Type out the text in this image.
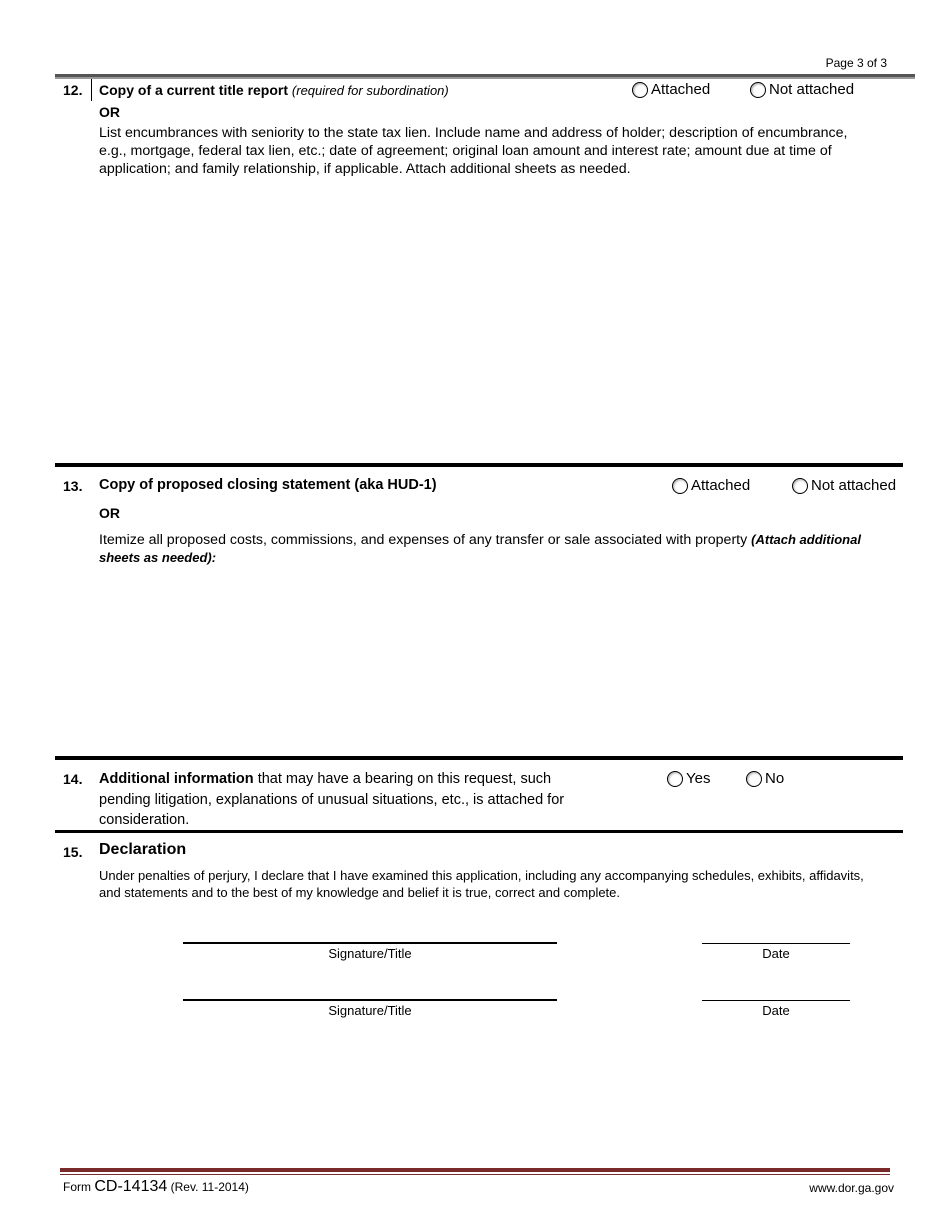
Page 3 of 3
12. Copy of a current title report (required for subordination)	Attached	Not attached
OR
List encumbrances with seniority to the state tax lien. Include name and address of holder; description of encumbrance, e.g., mortgage, federal tax lien, etc.; date of agreement; original loan amount and interest rate; amount due at time of application; and family relationship, if applicable. Attach additional sheets as needed.
13. Copy of proposed closing statement (aka HUD-1)	Attached	Not attached
OR
Itemize all proposed costs, commissions, and expenses of any transfer or sale associated with property (Attach additional sheets as needed):
14. Additional information that may have a bearing on this request, such pending litigation, explanations of unusual situations, etc., is attached for consideration.
Yes	No
15. Declaration
Under penalties of perjury, I declare that I have examined this application, including any accompanying schedules, exhibits, affidavits, and statements and to the best of my knowledge and belief it is true, correct and complete.
Signature/Title	Date
Signature/Title	Date
Form CD-14134 (Rev. 11-2014)	www.dor.ga.gov
